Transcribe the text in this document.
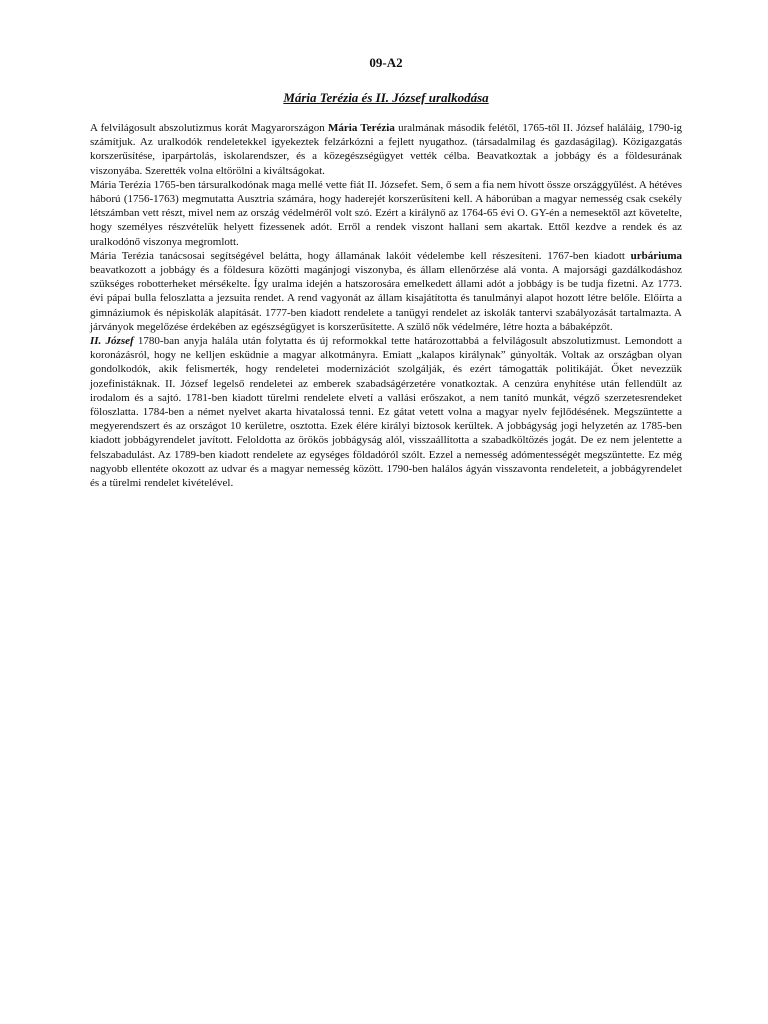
09-A2
Mária Terézia és II. József uralkodása

A felvilágosult abszolutizmus korát Magyarországon Mária Terézia uralmának második felétől, 1765-től II. József haláláig, 1790-ig számítjuk. Az uralkodók rendeletekkel igyekeztek felzárkózni a fejlett nyugathoz. (társadalmilag és gazdaságilag). Közigazgatás korszerűsítése, iparpártolás, iskolarendszer, és a közegészségügyet vették célba. Beavatkoztak a jobbágy és a földesurának viszonyába. Szerették volna eltörölni a kiváltságokat.

Mária Terézia 1765-ben társuralkodónak maga mellé vette fiát II. Józsefet. Sem, ő sem a fia nem hívott össze országgyűlést. A hétéves háború (1756-1763) megmutatta Ausztria számára, hogy haderejét korszerűsíteni kell. A háborúban a magyar nemesség csak csekély létszámban vett részt, mivel nem az ország védelméről volt szó. Ezért a királynő az 1764-65 évi O. GY-én a nemesektől azt követelte, hogy személyes részvételük helyett fizessenek adót. Erről a rendek viszont hallani sem akartak. Ettől kezdve a rendek és az uralkodónő viszonya megromlott.

Mária Terézia tanácsosai segítségével belátta, hogy államának lakóit védelembe kell részesíteni. 1767-ben kiadott urbáriuma beavatkozott a jobbágy és a földesura közötti magánjogi viszonyba, és állam ellenőrzése alá vonta. A majorsági gazdálkodáshoz szükséges robotterheket mérsékelte. Így uralma idején a hatszorosára emelkedett állami adót a jobbágy is be tudja fizetni. Az 1773. évi pápai bulla feloszlatta a jezsuita rendet. A rend vagyonát az állam kisajátította és tanulmányi alapot hozott létre belőle. Előírta a gimnáziumok és népiskolák alapítását. 1777-ben kiadott rendelete a tanügyi rendelet az iskolák tantervi szabályozását tartalmazta. A járványok megelőzése érdekében az egészségügyet is korszerűsítette. A szülő nők védelmére, létre hozta a bábaképzőt.

II. József 1780-ban anyja halála után folytatta és új reformokkal tette határozottabbá a felvilágosult abszolutizmust. Lemondott a koronázásról, hogy ne kelljen esküdnie a magyar alkotmányra. Emiatt „kalapos királynak” gúnyolták. Voltak az országban olyan gondolkodók, akik felismerték, hogy rendeletei modernizációt szolgálják, és ezért támogatták politikáját. Őket nevezzük jozefinistáknak. II. József legelső rendeletei az emberek szabadságérzetére vonatkoztak. A cenzúra enyhítése után fellendült az irodalom és a sajtó. 1781-ben kiadott türelmi rendelete elvetí a vallási erőszakot, a nem tanító munkát, végző szerzetesrendeket föloszlatta. 1784-ben a német nyelvet akarta hivatalossá tenni. Ez gátat vetett volna a magyar nyelv fejlődésének. Megszüntette a megyerendszert és az országot 10 kerületre, osztotta. Ezek élére királyi biztosok kerültek. A jobbágyság jogi helyzetén az 1785-ben kiadott jobbágyrendelet javított. Feloldotta az örökös jobbágyság alól, visszaállította a szabadköltözés jogát. De ez nem jelentette a felszabadulást. Az 1789-ben kiadott rendelete az egységes földadóról szólt. Ezzel a nemesség adómentességét megszüntette. Ez még nagyobb ellentéte okozott az udvar és a magyar nemesség között. 1790-ben halálos ágyán visszavonta rendeleteit, a jobbágyrendelet és a türelmi rendelet kivételével.
